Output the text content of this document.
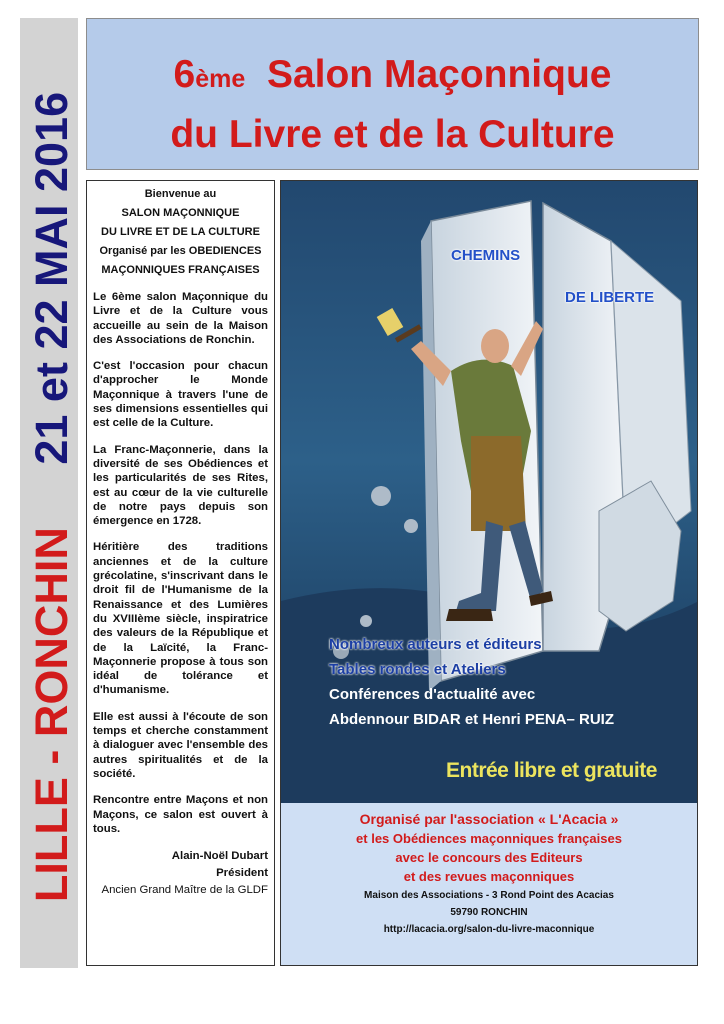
LILLE - RONCHIN     21 et 22 MAI 2016
6ème Salon Maçonnique
du Livre et de la Culture
Bienvenue au
SALON MAÇONNIQUE
DU LIVRE ET DE LA CULTURE
Organisé par les OBEDIENCES
MAÇONNIQUES FRANÇAISES

Le 6ème salon Maçonnique du Livre et de la Culture vous accueille au sein de la Maison des Associations de Ronchin.

C'est l'occasion pour chacun d'approcher le Monde Maçonnique à travers l'une de ses dimensions essentielles qui est celle de la Culture.

La Franc-Maçonnerie, dans la diversité de ses Obédiences et les particularités de ses Rites, est au cœur de la vie culturelle de notre pays depuis son émergence en 1728.

Héritière des traditions anciennes et de la culture grécolatine, s'inscrivant dans le droit fil de l'Humanisme de la Renaissance et des Lumières du XVIIIème siècle, inspiratrice des valeurs de la République et de la Laïcité, la Franc-Maçonnerie propose à tous son idéal de tolérance et d'humanisme.

Elle est aussi à l'écoute de son temps et cherche constamment à dialoguer avec l'ensemble des autres spiritualités et de la société.

Rencontre entre Maçons et non Maçons, ce salon est ouvert à tous.

Alain-Noël Dubart
Président
Ancien Grand Maître de la GLDF
CHEMINS
DE LIBERTE
Nombreux auteurs et éditeurs
Tables rondes et Ateliers
Conférences d'actualité avec
Abdennour BIDAR et Henri PENA– RUIZ
Entrée libre et gratuite
Organisé par l'association « L'Acacia »
et les Obédiences maçonniques françaises
avec le concours des Editeurs
et des revues maçonniques
Maison des Associations - 3 Rond Point des Acacias
59790 RONCHIN
http://lacacia.org/salon-du-livre-maconnique
